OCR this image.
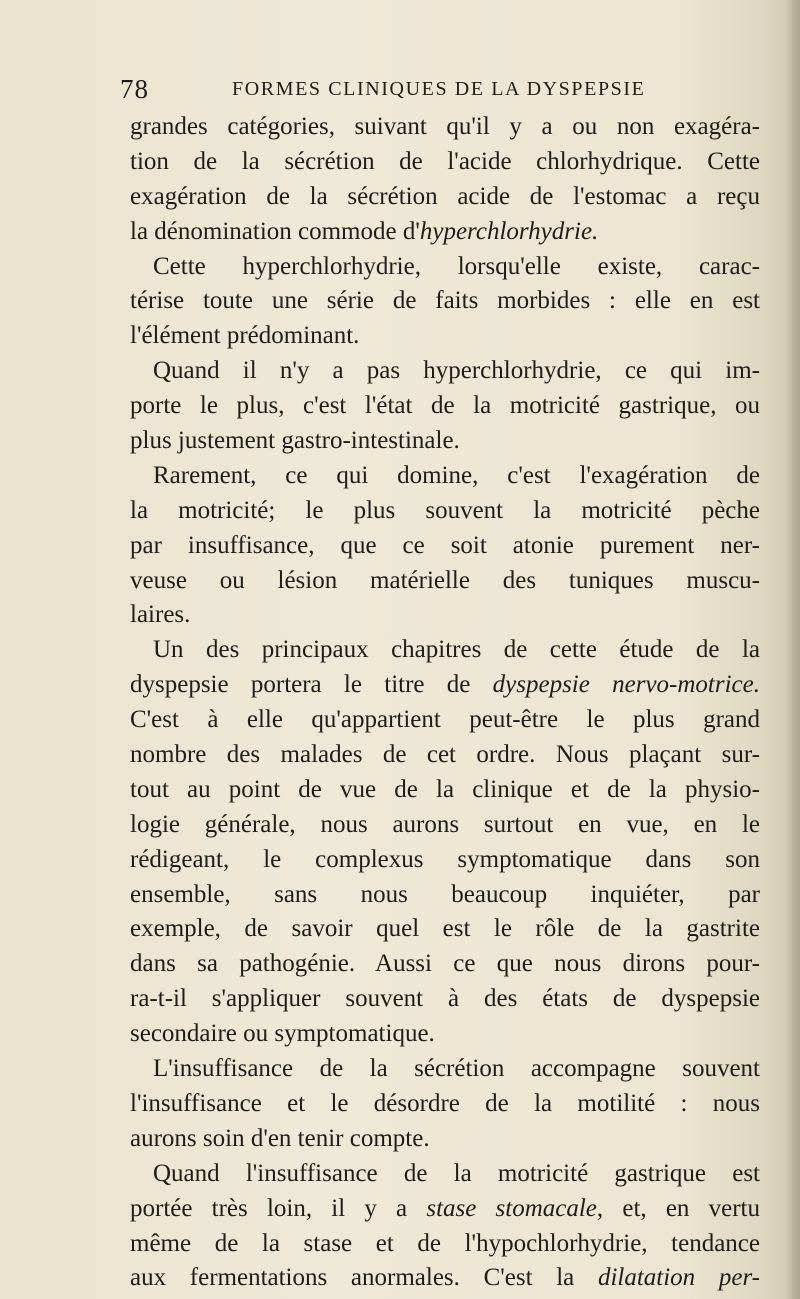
78	FORMES CLINIQUES DE LA DYSPEPSIE
grandes catégories, suivant qu'il y a ou non exagéra-
tion de la sécrétion de l'acide chlorhydrique. Cette
exagération de la sécrétion acide de l'estomac a reçu
la dénomination commode d'hyperchlorhydrie.
Cette hyperchlorhydrie, lorsqu'elle existe, carac-
térise toute une série de faits morbides : elle en est
l'élément prédominant.
Quand il n'y a pas hyperchlorhydrie, ce qui im-
porte le plus, c'est l'état de la motricité gastrique, ou
plus justement gastro-intestinale.
Rarement, ce qui domine, c'est l'exagération de
la motricité; le plus souvent la motricité pèche
par insuffisance, que ce soit atonie purement ner-
veuse ou lésion matérielle des tuniques muscu-
laires.
Un des principaux chapitres de cette étude de la
dyspepsie portera le titre de dyspepsie nervo-motrice.
C'est à elle qu'appartient peut-être le plus grand
nombre des malades de cet ordre. Nous plaçant sur-
tout au point de vue de la clinique et de la physio-
logie générale, nous aurons surtout en vue, en le
rédigeant, le complexus symptomatique dans son
ensemble, sans nous beaucoup inquiéter, par
exemple, de savoir quel est le rôle de la gastrite
dans sa pathogénie. Aussi ce que nous dirons pour-
ra-t-il s'appliquer souvent à des états de dyspepsie
secondaire ou symptomatique.
L'insuffisance de la sécrétion accompagne souvent
l'insuffisance et le désordre de la motilité : nous
aurons soin d'en tenir compte.
Quand l'insuffisance de la motricité gastrique est
portée très loin, il y a stase stomacale, et, en vertu
même de la stase et de l'hypochlorhydrie, tendance
aux fermentations anormales. C'est la dilatation per-
